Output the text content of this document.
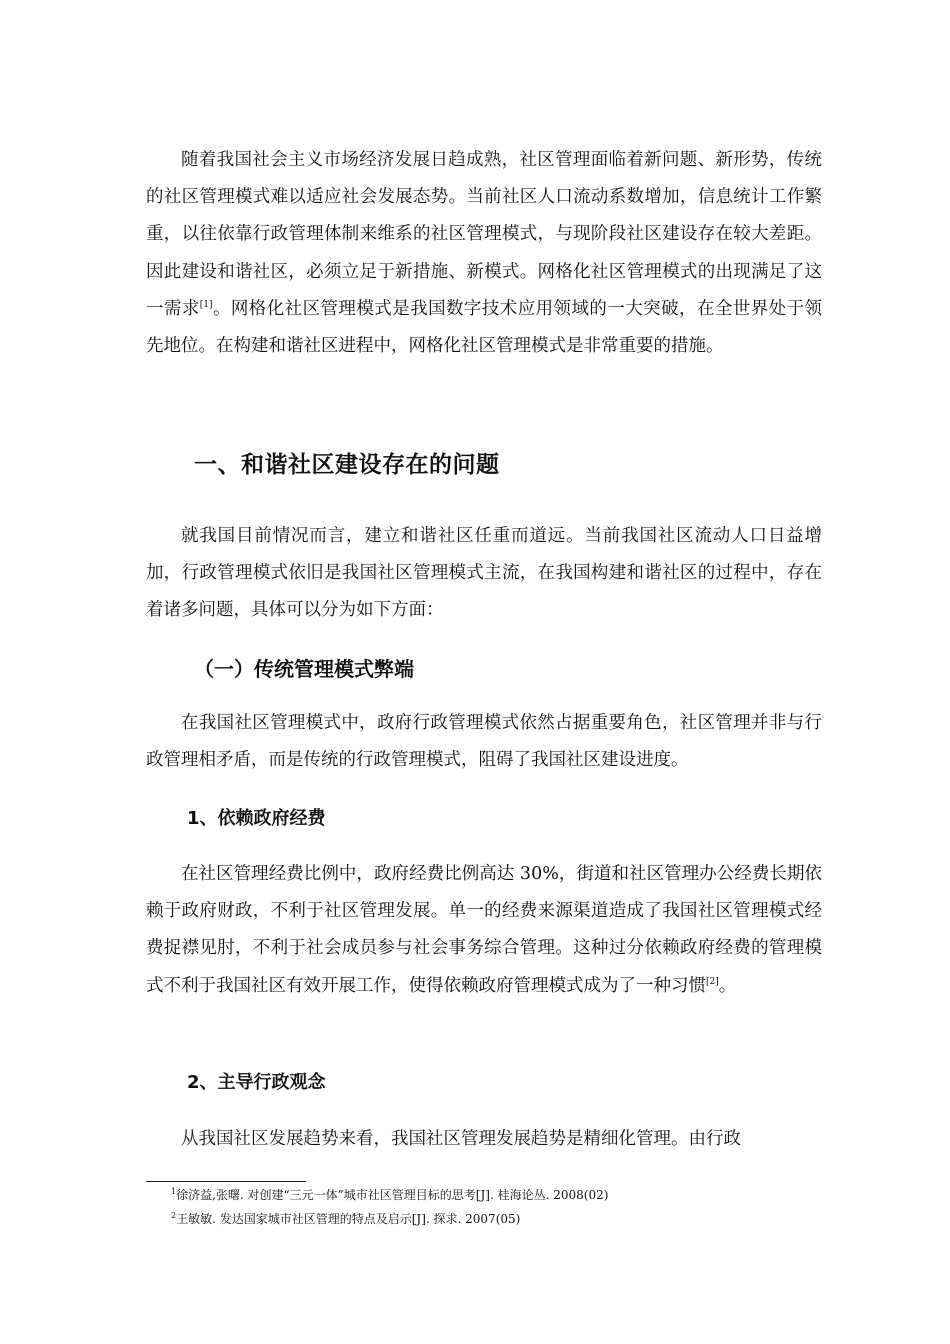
随着我国社会主义市场经济发展日趋成熟，社区管理面临着新问题、新形势，传统的社区管理模式难以适应社会发展态势。当前社区人口流动系数增加，信息统计工作繁重，以往依靠行政管理体制来维系的社区管理模式，与现阶段社区建设存在较大差距。因此建设和谐社区，必须立足于新措施、新模式。网格化社区管理模式的出现满足了这一需求[1]。网格化社区管理模式是我国数字技术应用领域的一大突破，在全世界处于领先地位。在构建和谐社区进程中，网格化社区管理模式是非常重要的措施。

一、和谐社区建设存在的问题

就我国目前情况而言，建立和谐社区任重而道远。当前我国社区流动人口日益增加，行政管理模式依旧是我国社区管理模式主流，在我国构建和谐社区的过程中，存在着诸多问题，具体可以分为如下方面：

（一）传统管理模式弊端

在我国社区管理模式中，政府行政管理模式依然占据重要角色，社区管理并非与行政管理相矛盾，而是传统的行政管理模式，阻碍了我国社区建设进度。

1、依赖政府经费

在社区管理经费比例中，政府经费比例高达 30%，街道和社区管理办公经费长期依赖于政府财政，不利于社区管理发展。单一的经费来源渠道造成了我国社区管理模式经费捉襟见肘，不利于社会成员参与社会事务综合管理。这种过分依赖政府经费的管理模式不利于我国社区有效开展工作，使得依赖政府管理模式成为了一种习惯[2]。

2、主导行政观念

从我国社区发展趋势来看，我国社区管理发展趋势是精细化管理。由行政

$^1$徐济益,张曙. 对创建“三元一体”城市社区管理目标的思考[J]. 桂海论丛. 2008(02)

$^2$王敏敏. 发达国家城市社区管理的特点及启示[J]. 探求. 2007(05)
